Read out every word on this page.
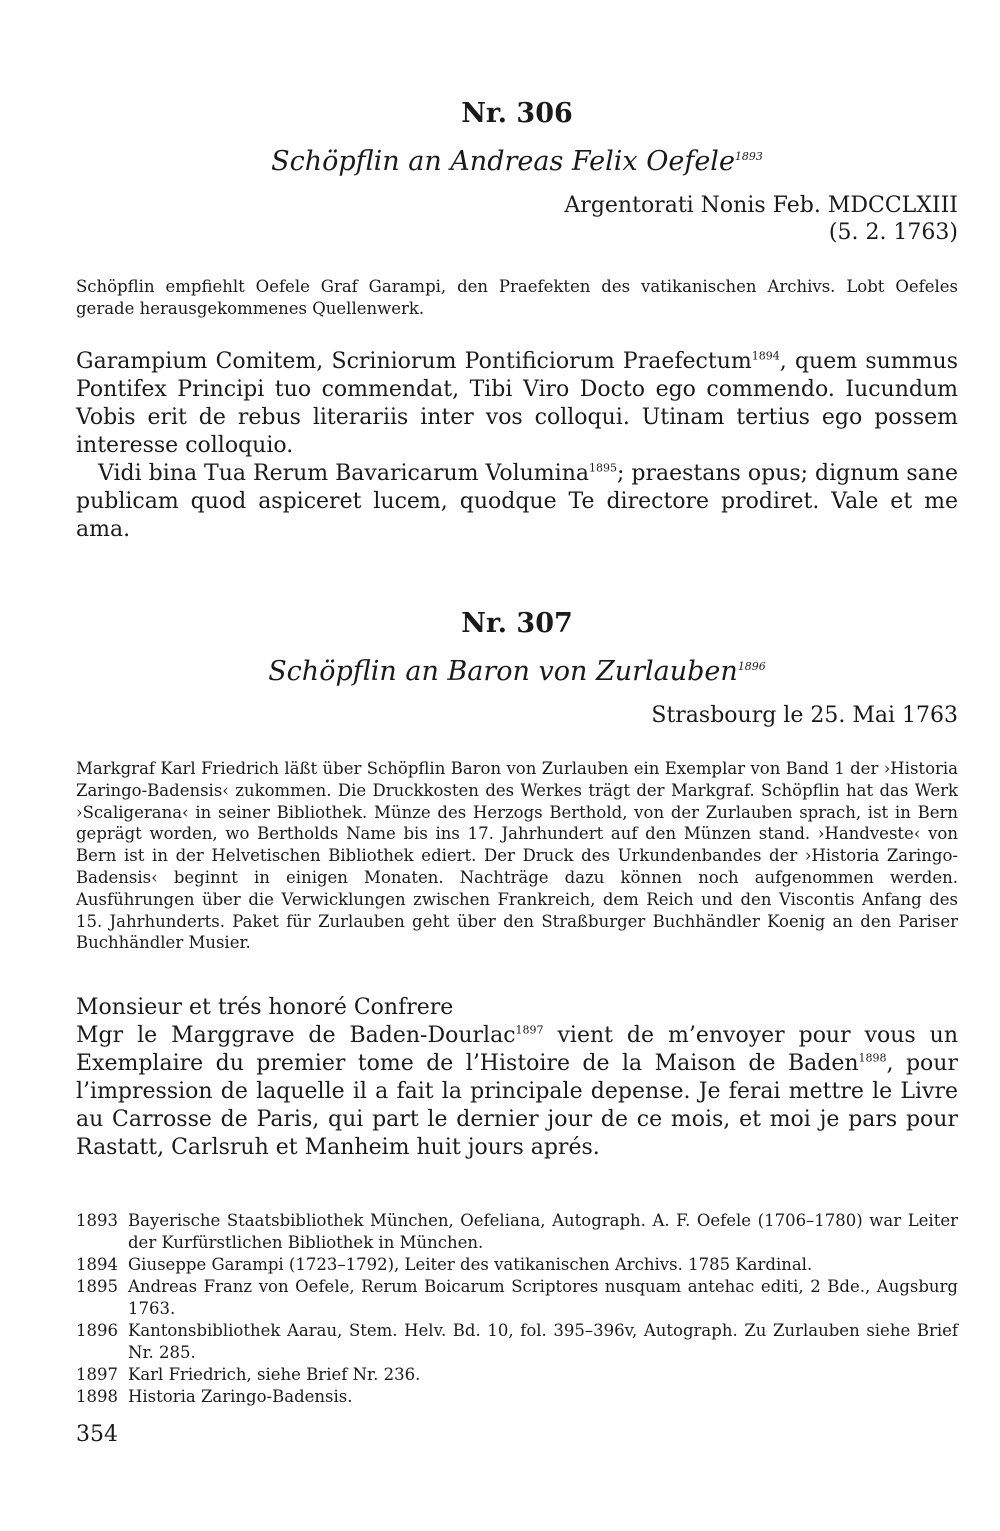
Nr. 306
Schöpflin an Andreas Felix Oefele$^{1893}$
Argentorati Nonis Feb. MDCCLXIII
(5. 2. 1763)
Schöpflin empfiehlt Oefele Graf Garampi, den Praefekten des vatikanischen Archivs. Lobt Oefeles gerade herausgekommenes Quellenwerk.

Garampium Comitem, Scriniorum Pontificiorum Praefectum$^{1894}$, quem summus Pontifex Principi tuo commendat, Tibi Viro Docto ego commendo. Iucundum Vobis erit de rebus literariis inter vos colloqui. Utinam tertius ego possem interesse colloquio.

Vidi bina Tua Rerum Bavaricarum Volumina$^{1895}$; praestans opus; dignum sane publicam quod aspiceret lucem, quodque Te directore prodiret. Vale et me ama.

Nr. 307
Schöpflin an Baron von Zurlauben$^{1896}$
Strasbourg le 25. Mai 1763
Markgraf Karl Friedrich läßt über Schöpflin Baron von Zurlauben ein Exemplar von Band 1 der ›Historia Zaringo-Badensis‹ zukommen. Die Druckkosten des Werkes trägt der Markgraf. Schöpflin hat das Werk ›Scaligerana‹ in seiner Bibliothek. Münze des Herzogs Berthold, von der Zurlauben sprach, ist in Bern geprägt worden, wo Bertholds Name bis ins 17. Jahrhundert auf den Münzen stand. ›Handveste‹ von Bern ist in der Helvetischen Bibliothek ediert. Der Druck des Urkundenbandes der ›Historia Zaringo-Badensis‹ beginnt in einigen Monaten. Nachträge dazu können noch aufgenommen werden. Ausführungen über die Verwicklungen zwischen Frankreich, dem Reich und den Viscontis Anfang des 15. Jahrhunderts. Paket für Zurlauben geht über den Straßburger Buchhändler Koenig an den Pariser Buchhändler Musier.

Monsieur et trés honoré Confrere

Mgr le Marggrave de Baden-Dourlac$^{1897}$ vient de m’envoyer pour vous un Exemplaire du premier tome de l’Histoire de la Maison de Baden$^{1898}$, pour l’impression de laquelle il a fait la principale depense. Je ferai mettre le Livre au Carrosse de Paris, qui part le dernier jour de ce mois, et moi je pars pour Rastatt, Carlsruh et Manheim huit jours aprés.

1893 Bayerische Staatsbibliothek München, Oefeliana, Autograph. A. F. Oefele (1706–1780) war Leiter der Kurfürstlichen Bibliothek in München.
1894 Giuseppe Garampi (1723–1792), Leiter des vatikanischen Archivs. 1785 Kardinal.
1895 Andreas Franz von Oefele, Rerum Boicarum Scriptores nusquam antehac editi, 2 Bde., Augsburg 1763.
1896 Kantonsbibliothek Aarau, Stem. Helv. Bd. 10, fol. 395–396v, Autograph. Zu Zurlauben siehe Brief Nr. 285.
1897 Karl Friedrich, siehe Brief Nr. 236.
1898 Historia Zaringo-Badensis.
354
